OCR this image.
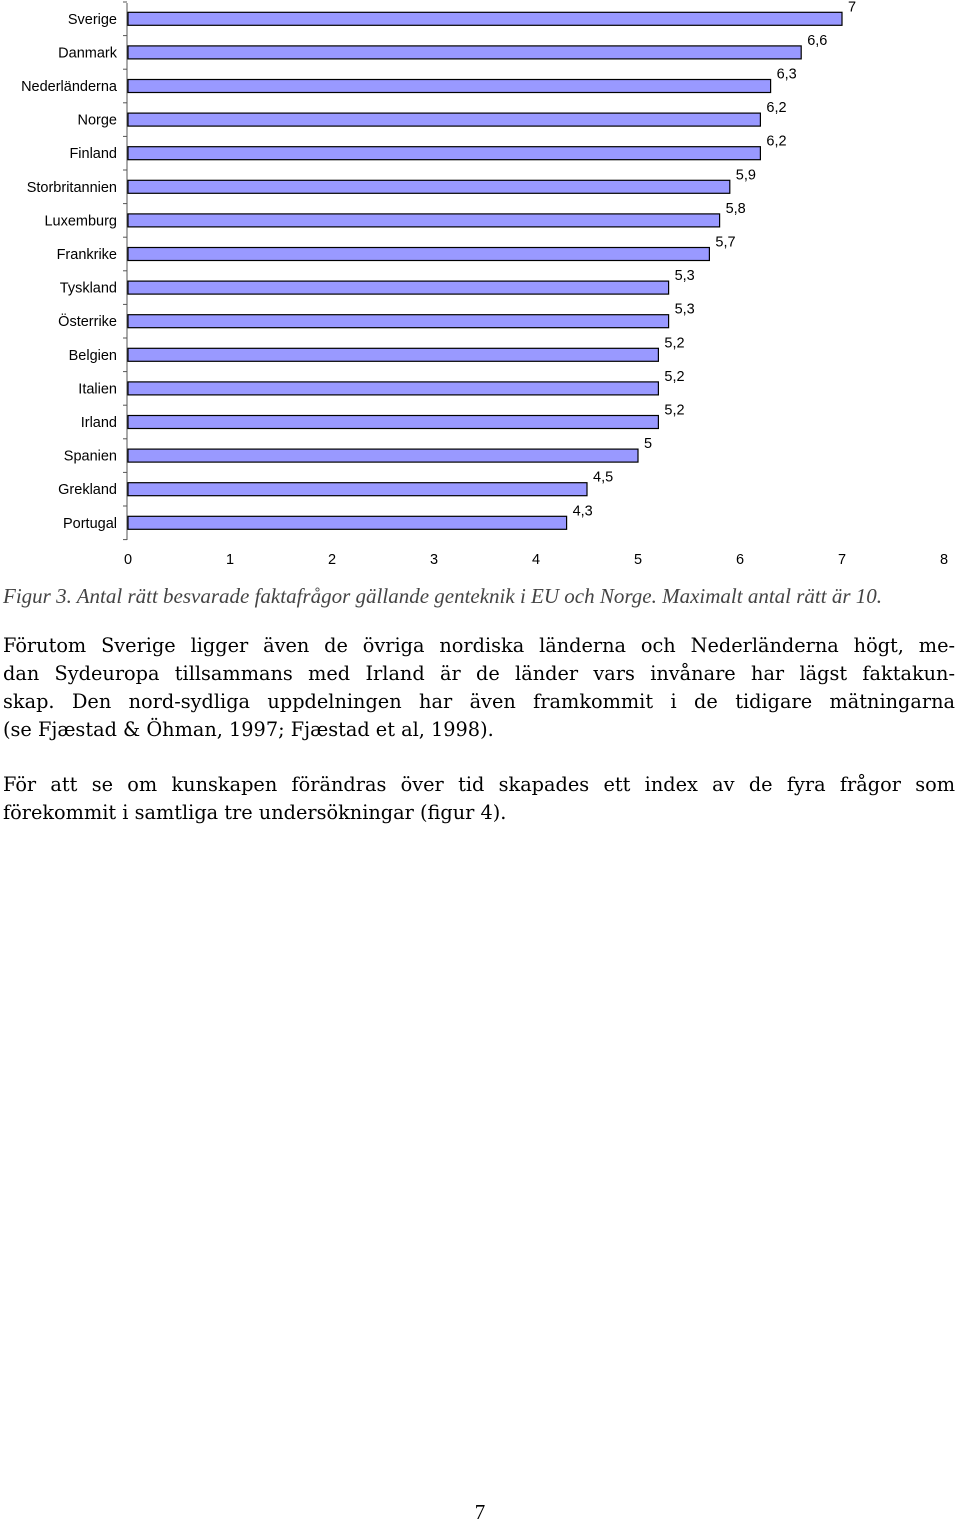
Sverige
7
Danmark
6,6
Nederländerna
6,3
Norge
6,2
Finland
6,2
Storbritannien
5,9
Luxemburg
5,8
Frankrike
5,7
Tyskland
5,3
Österrike
5,3
Belgien
5,2
Italien
5,2
Irland
5,2
Spanien
5
Grekland
4,5
Portugal
4,3
0	1	2	3	4	5	6	7	8
Figur 3. Antal rätt besvarade faktafrågor gällande genteknik i EU och Norge. Maximalt antal rätt är 10.
Förutom Sverige ligger även de övriga nordiska länderna och Nederländerna högt, me-
dan Sydeuropa tillsammans med Irland är de länder vars invånare har lägst faktakun-
skap. Den nord-sydliga uppdelningen har även framkommit i de tidigare mätningarna
(se Fjæstad & Öhman, 1997; Fjæstad et al, 1998).
För att se om kunskapen förändras över tid skapades ett index av de fyra frågor som
förekommit i samtliga tre undersökningar (figur 4).
7
